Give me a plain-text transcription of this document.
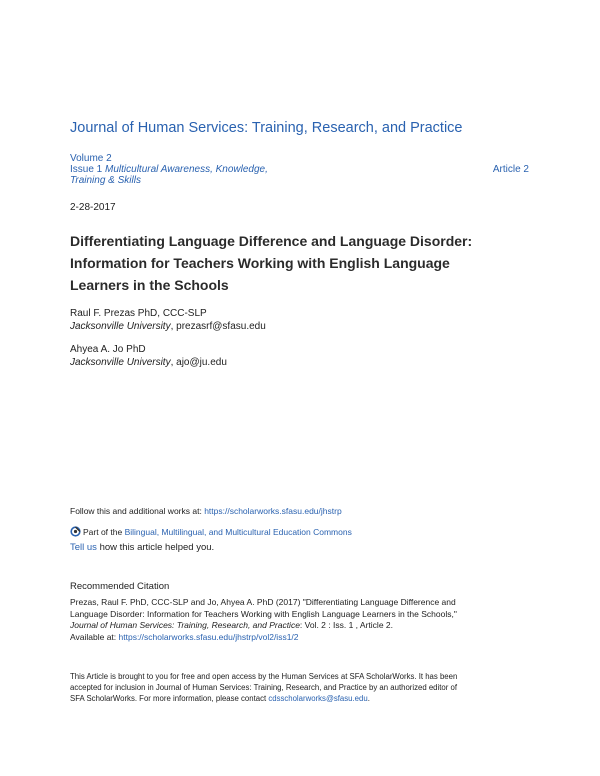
Journal of Human Services: Training, Research, and Practice
Volume 2
Issue 1 Multicultural Awareness, Knowledge,
Training & Skills
Article 2
2-28-2017
Differentiating Language Difference and Language Disorder:
Information for Teachers Working with English Language
Learners in the Schools
Raul F. Prezas PhD, CCC-SLP
Jacksonville University, prezasrf@sfasu.edu
Ahyea A. Jo PhD
Jacksonville University, ajo@ju.edu
Follow this and additional works at: https://scholarworks.sfasu.edu/jhstrp
Part of the Bilingual, Multilingual, and Multicultural Education Commons
Tell us how this article helped you.
Recommended Citation
Prezas, Raul F. PhD, CCC-SLP and Jo, Ahyea A. PhD (2017) "Differentiating Language Difference and
Language Disorder: Information for Teachers Working with English Language Learners in the Schools,"
Journal of Human Services: Training, Research, and Practice: Vol. 2 : Iss. 1 , Article 2.
Available at: https://scholarworks.sfasu.edu/jhstrp/vol2/iss1/2
This Article is brought to you for free and open access by the Human Services at SFA ScholarWorks. It has been
accepted for inclusion in Journal of Human Services: Training, Research, and Practice by an authorized editor of
SFA ScholarWorks. For more information, please contact cdsscholarworks@sfasu.edu.
